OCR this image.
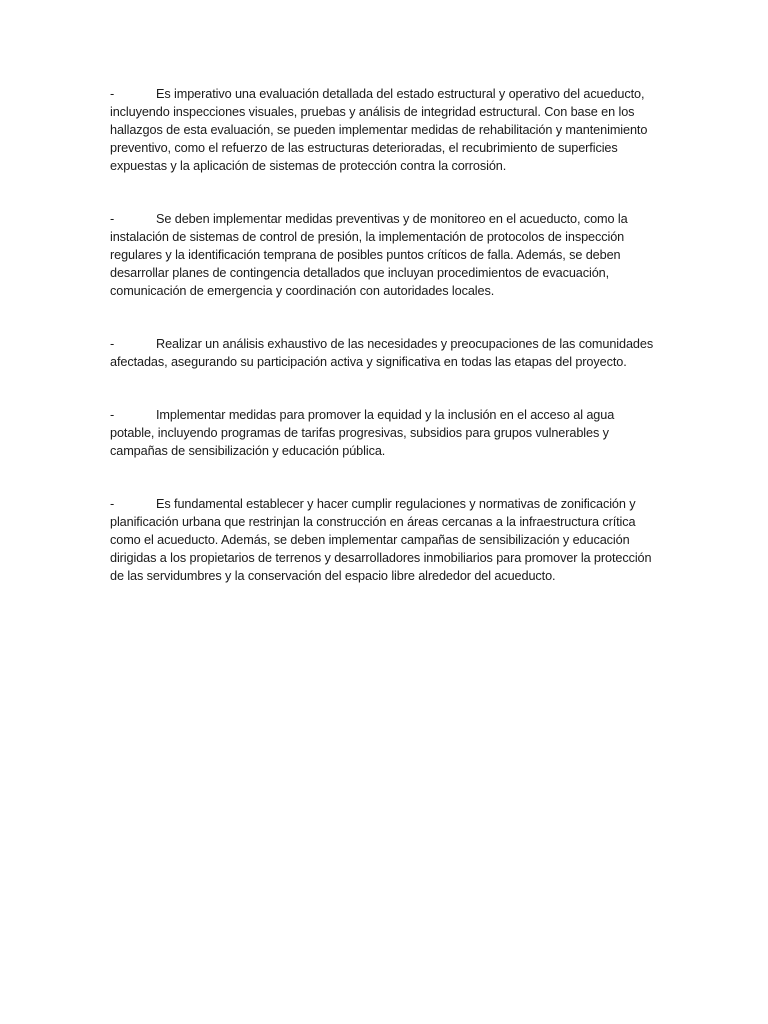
-	Es imperativo una evaluación detallada del estado estructural y operativo del acueducto, incluyendo inspecciones visuales, pruebas y análisis de integridad estructural. Con base en los hallazgos de esta evaluación, se pueden implementar medidas de rehabilitación y mantenimiento preventivo, como el refuerzo de las estructuras deterioradas, el recubrimiento de superficies expuestas y la aplicación de sistemas de protección contra la corrosión.

-	Se deben implementar medidas preventivas y de monitoreo en el acueducto, como la instalación de sistemas de control de presión, la implementación de protocolos de inspección regulares y la identificación temprana de posibles puntos críticos de falla. Además, se deben desarrollar planes de contingencia detallados que incluyan procedimientos de evacuación, comunicación de emergencia y coordinación con autoridades locales.

-	Realizar un análisis exhaustivo de las necesidades y preocupaciones de las comunidades afectadas, asegurando su participación activa y significativa en todas las etapas del proyecto.

-	Implementar medidas para promover la equidad y la inclusión en el acceso al agua potable, incluyendo programas de tarifas progresivas, subsidios para grupos vulnerables y campañas de sensibilización y educación pública.

-	Es fundamental establecer y hacer cumplir regulaciones y normativas de zonificación y planificación urbana que restrinjan la construcción en áreas cercanas a la infraestructura crítica como el acueducto. Además, se deben implementar campañas de sensibilización y educación dirigidas a los propietarios de terrenos y desarrolladores inmobiliarios para promover la protección de las servidumbres y la conservación del espacio libre alrededor del acueducto.
